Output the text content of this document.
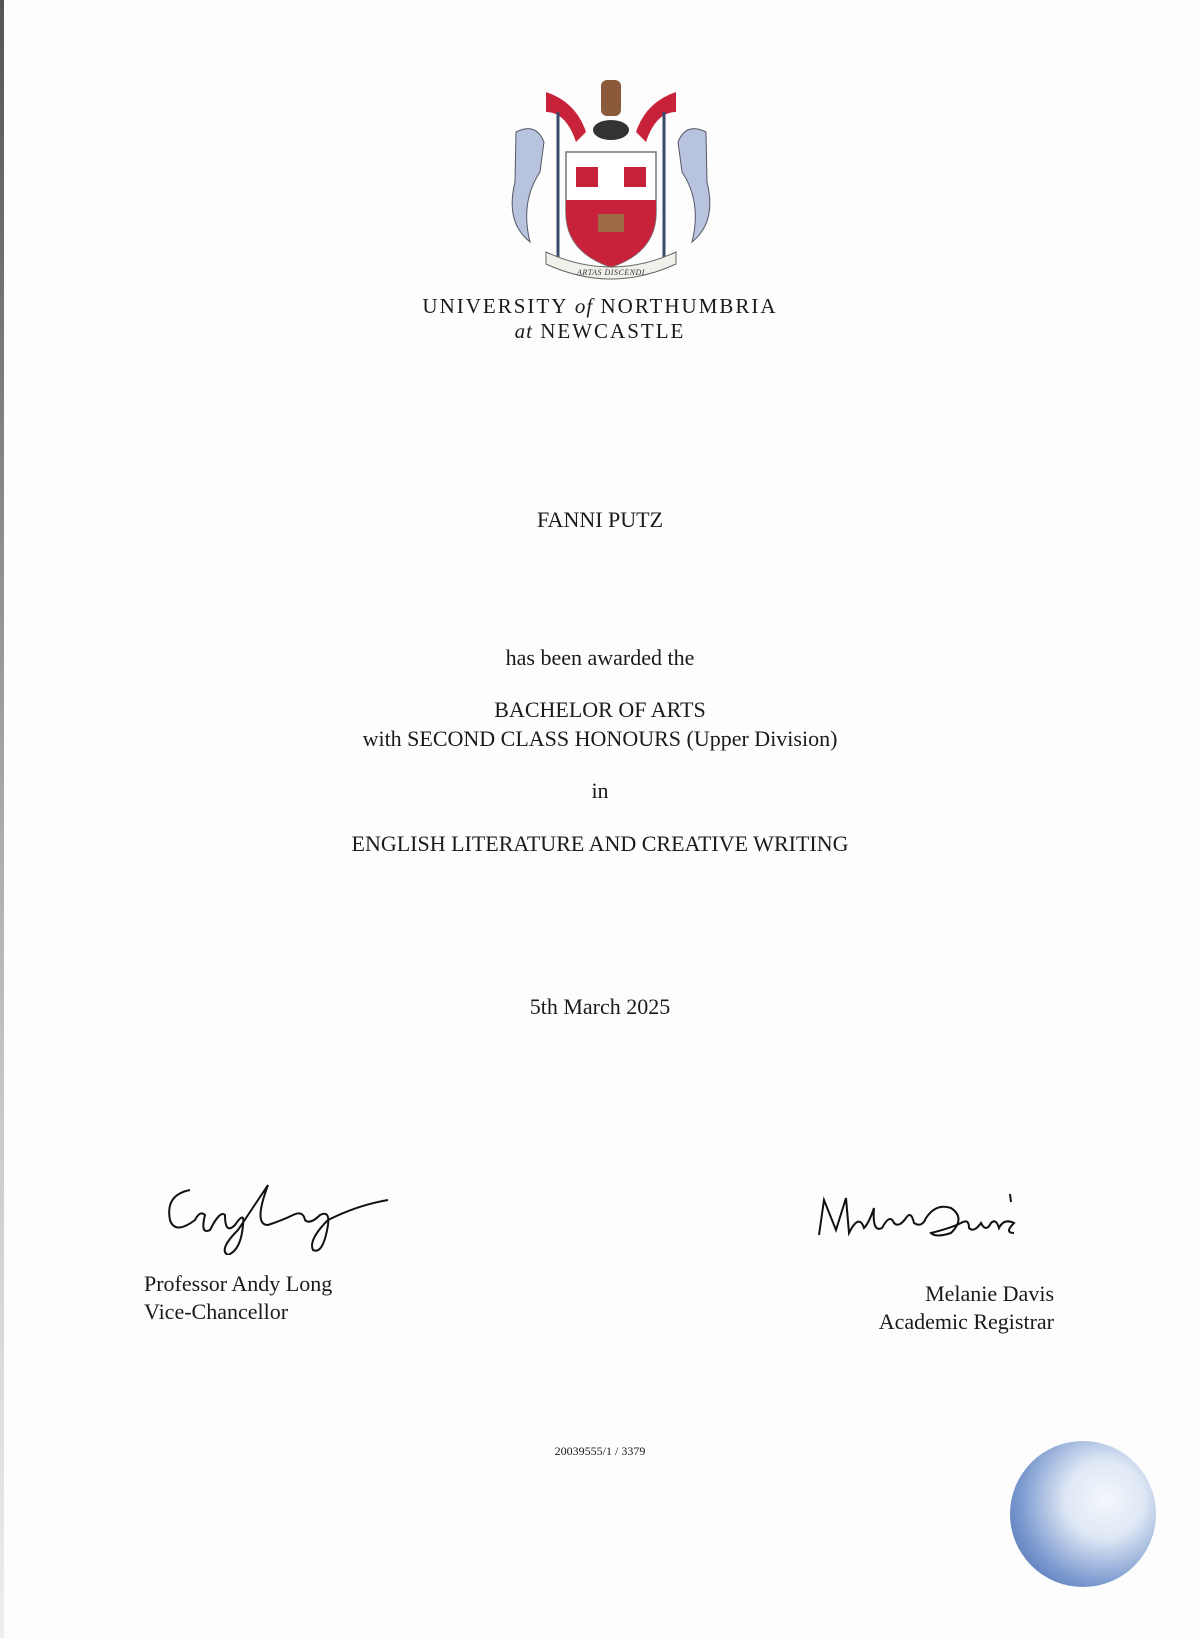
ARTAS DISCENDI
UNIVERSITY of NORTHUMBRIA
at NEWCASTLE
FANNI PUTZ
has been awarded the
BACHELOR OF ARTS
with SECOND CLASS HONOURS (Upper Division)
in
ENGLISH LITERATURE AND CREATIVE WRITING
5th March 2025
Professor Andy Long
Vice-Chancellor
Melanie Davis
Academic Registrar
20039555/1 / 3379
